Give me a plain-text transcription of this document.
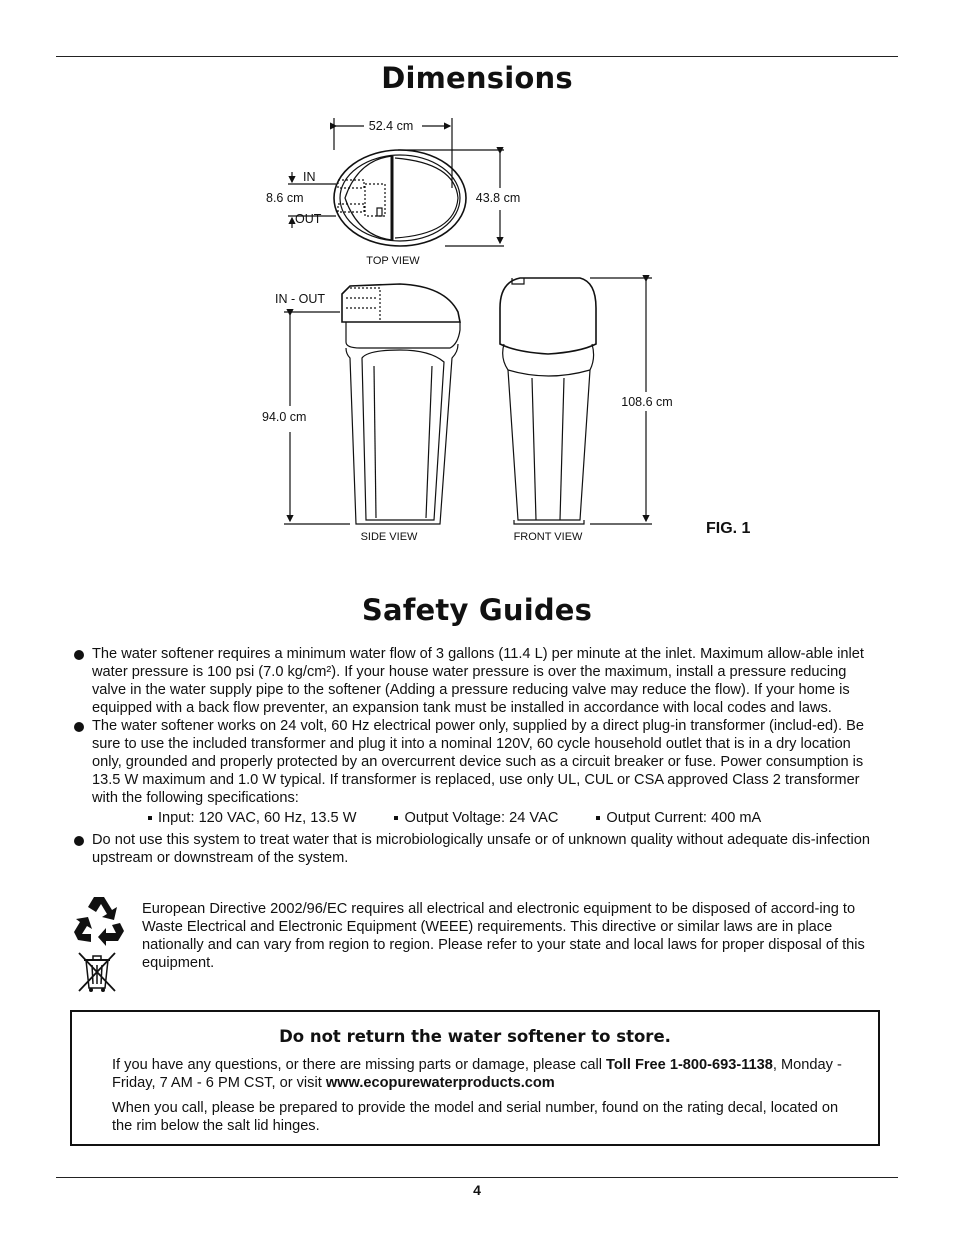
Dimensions
52.4 cm
43.8 cm
IN
8.6 cm
OUT
TOP VIEW
IN - OUT
94.0 cm
SIDE VIEW
108.6 cm
FRONT VIEW	FIG. 1
Safety Guides
The water softener requires a minimum water flow of 3 gallons (11.4 L) per minute at the inlet. Maximum allow-able inlet water pressure is 100 psi (7.0 kg/cm²). If your house water pressure is over the maximum, install a pressure reducing valve in the water supply pipe to the softener (Adding a pressure reducing valve may reduce the flow). If your home is equipped with a back flow preventer, an expansion tank must be installed in accordance with local codes and laws.
The water softener works on 24 volt, 60 Hz electrical power only, supplied by a direct plug-in transformer (includ-ed). Be sure to use the included transformer and plug it into a nominal 120V, 60 cycle household outlet that is in a dry location only, grounded and properly protected by an overcurrent device such as a circuit breaker or fuse. Power consumption is 13.5 W maximum and 1.0 W typical. If transformer is replaced, use only UL, CUL or CSA approved Class 2 transformer with the following specifications:
Input: 120 VAC, 60 Hz, 13.5 W	Output Voltage: 24 VAC	Output Current: 400 mA
Do not use this system to treat water that is microbiologically unsafe or of unknown quality without adequate dis-infection upstream or downstream of the system.
European Directive 2002/96/EC requires all electrical and electronic equipment to be disposed of accord-ing to Waste Electrical and Electronic Equipment (WEEE) requirements. This directive or similar laws are in place nationally and can vary from region to region. Please refer to your state and local laws for proper disposal of this equipment.
Do not return the water softener to store.
If you have any questions, or there are missing parts or damage, please call Toll Free 1-800-693-1138, Monday - Friday, 7 AM - 6 PM CST, or visit www.ecopurewaterproducts.com
When you call, please be prepared to provide the model and serial number, found on the rating decal, located on the rim below the salt lid hinges.
4
